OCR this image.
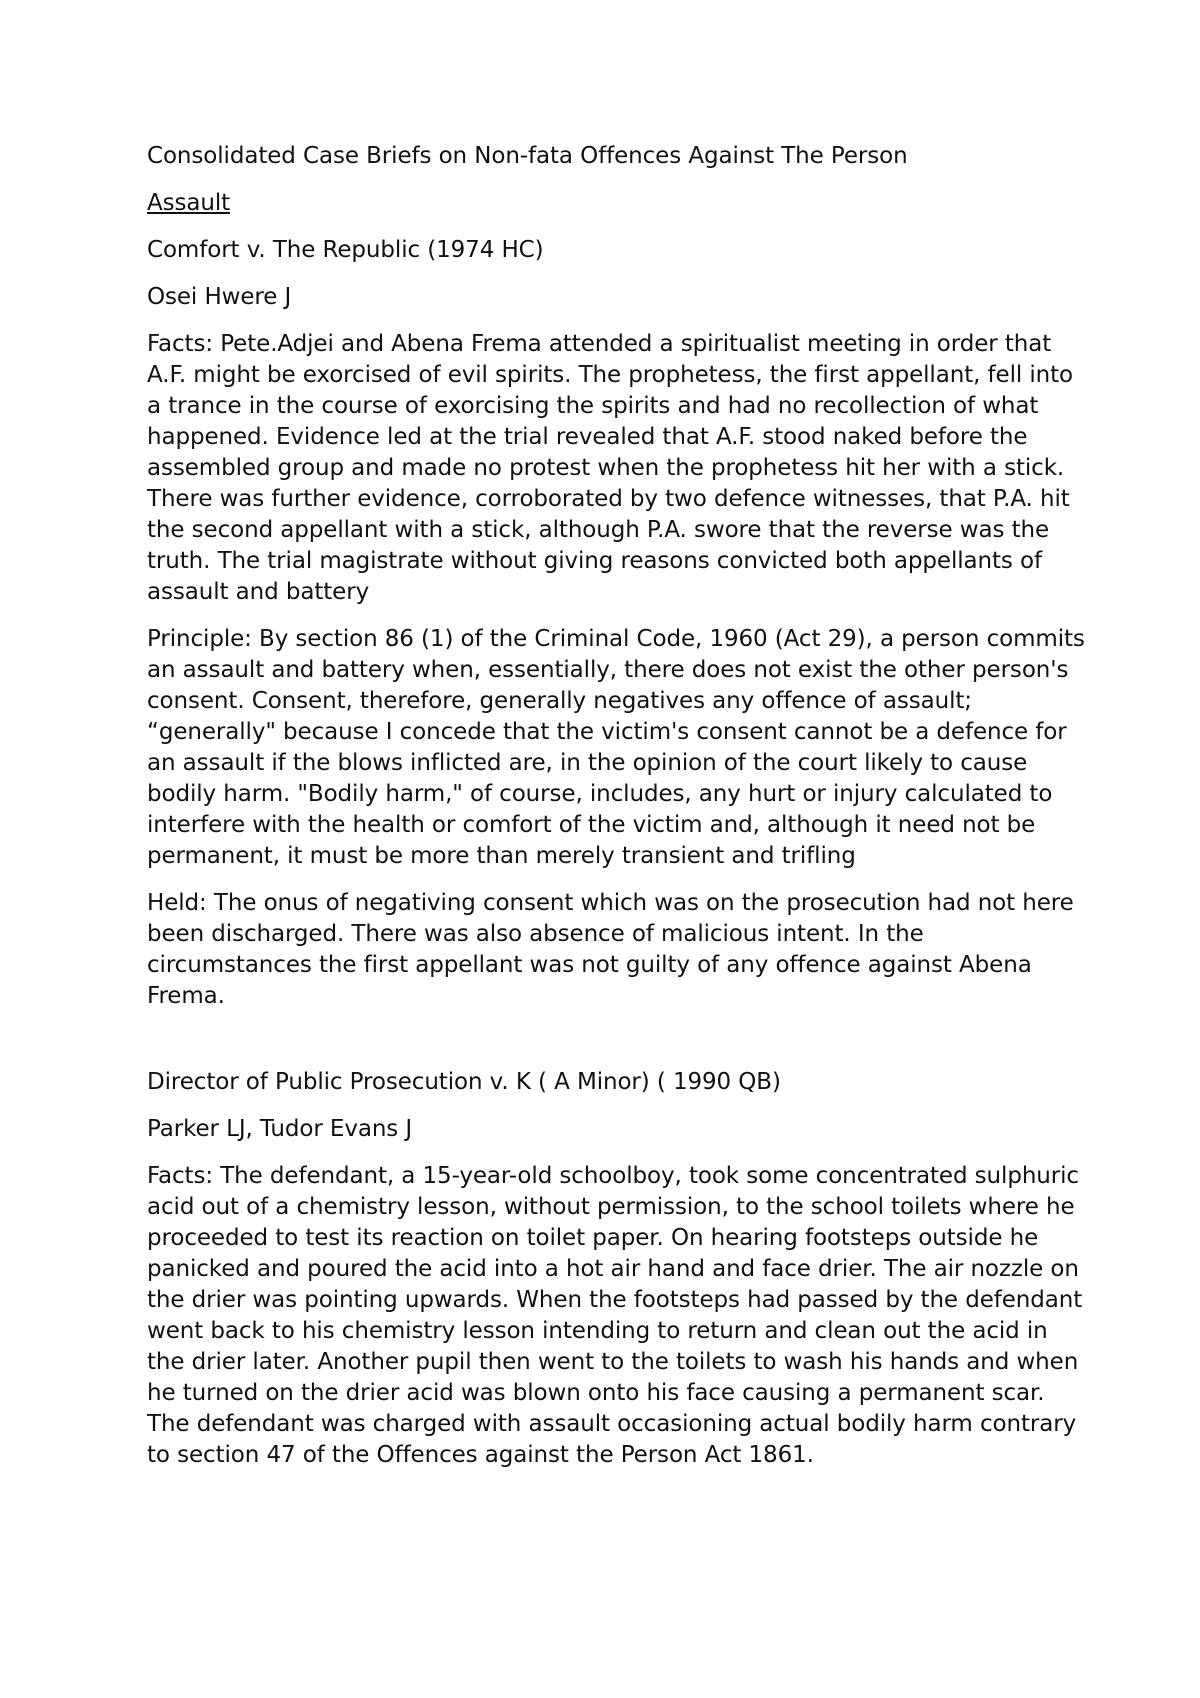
Consolidated Case Briefs on Non-fata Offences Against The Person

Assault

Comfort v. The Republic (1974 HC)

Osei Hwere J

Facts: Pete.Adjei and Abena Frema attended a spiritualist meeting in order that A.F. might be exorcised of evil spirits. The prophetess, the first appellant, fell into a trance in the course of exorcising the spirits and had no recollection of what happened. Evidence led at the trial revealed that A.F. stood naked before the assembled group and made no protest when the prophetess hit her with a stick. There was further evidence, corroborated by two defence witnesses, that P.A. hit the second appellant with a stick, although P.A. swore that the reverse was the truth. The trial magistrate without giving reasons convicted both appellants of assault and battery

Principle: By section 86 (1) of the Criminal Code, 1960 (Act 29), a person commits an assault and battery when, essentially, there does not exist the other person's consent. Consent, therefore, generally negatives any offence of assault; “generally" because I concede that the victim's consent cannot be a defence for an assault if the blows inflicted are, in the opinion of the court likely to cause bodily harm. "Bodily harm," of course, includes, any hurt or injury calculated to interfere with the health or comfort of the victim and, although it need not be permanent, it must be more than merely transient and trifling

Held: The onus of negativing consent which was on the prosecution had not here been discharged. There was also absence of malicious intent. In the circumstances the first appellant was not guilty of any offence against Abena Frema.

Director of Public Prosecution v. K ( A Minor) ( 1990 QB)

Parker LJ, Tudor Evans J

Facts: The defendant, a 15-year-old schoolboy, took some concentrated sulphuric acid out of a chemistry lesson, without permission, to the school toilets where he proceeded to test its reaction on toilet paper. On hearing footsteps outside he panicked and poured the acid into a hot air hand and face drier. The air nozzle on the drier was pointing upwards. When the footsteps had passed by the defendant went back to his chemistry lesson intending to return and clean out the acid in the drier later. Another pupil then went to the toilets to wash his hands and when he turned on the drier acid was blown onto his face causing a permanent scar. The defendant was charged with assault occasioning actual bodily harm contrary to section 47 of the Offences against the Person Act 1861.
